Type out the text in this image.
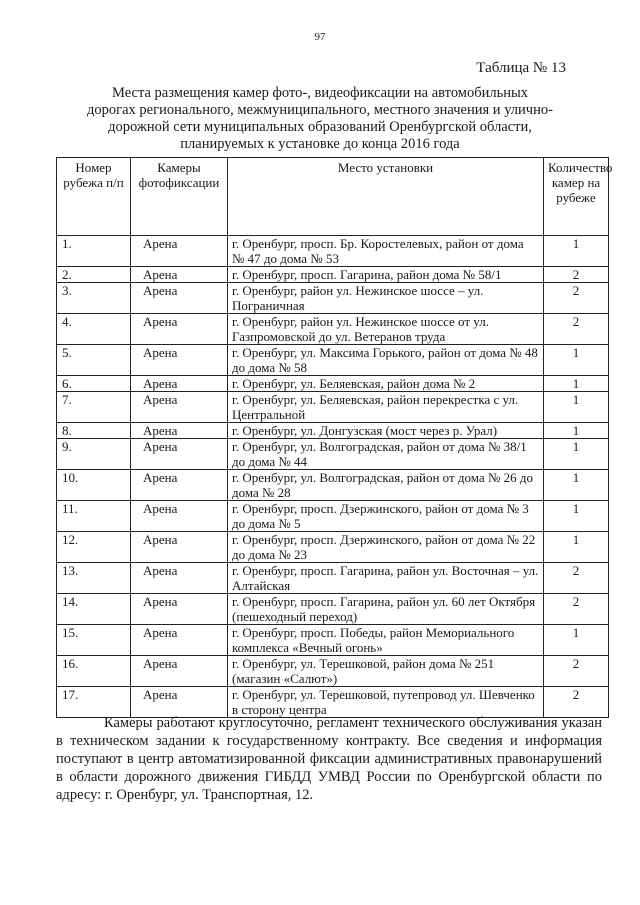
97
Таблица № 13
Места размещения камер фото-, видеофиксации на автомобильных
дорогах регионального, межмуниципального, местного значения и улично-
дорожной сети муниципальных образований Оренбургской области,
планируемых к установке до конца 2016 года
Номер рубежа п/п	Камеры фотофиксации	Место установки	Количество камер на рубеже
1.	Арена	г. Оренбург, просп. Бр. Коростелевых, район от дома № 47 до дома № 53	1
2.	Арена	г. Оренбург, просп. Гагарина, район дома № 58/1	2
3.	Арена	г. Оренбург, район ул. Нежинское шоссе – ул. Пограничная	2
4.	Арена	г. Оренбург, район ул. Нежинское шоссе от ул. Газпромовской до ул. Ветеранов труда	2
5.	Арена	г. Оренбург, ул. Максима Горького, район от дома № 48 до дома № 58	1
6.	Арена	г. Оренбург, ул. Беляевская, район дома № 2	1
7.	Арена	г. Оренбург, ул. Беляевская, район перекрестка с ул. Центральной	1
8.	Арена	г. Оренбург, ул. Донгузская (мост через р. Урал)	1
9.	Арена	г. Оренбург, ул. Волгоградская, район от дома № 38/1 до дома № 44	1
10.	Арена	г. Оренбург, ул. Волгоградская, район от дома № 26 до дома № 28	1
11.	Арена	г. Оренбург, просп. Дзержинского, район от дома № 3 до дома № 5	1
12.	Арена	г. Оренбург, просп. Дзержинского, район от дома № 22 до дома № 23	1
13.	Арена	г. Оренбург, просп. Гагарина, район ул. Восточная – ул. Алтайская	2
14.	Арена	г. Оренбург, просп. Гагарина, район ул. 60 лет Октября (пешеходный переход)	2
15.	Арена	г. Оренбург, просп. Победы, район Мемориального комплекса «Вечный огонь»	1
16.	Арена	г. Оренбург, ул. Терешковой, район дома № 251 (магазин «Салют»)	2
17.	Арена	г. Оренбург, ул. Терешковой, путепровод ул. Шевченко в сторону центра	2
Камеры работают круглосуточно, регламент технического обслуживания указан в техническом задании к государственному контракту. Все сведения и информация поступают в центр автоматизированной фиксации административных правонарушений в области дорожного движения ГИБДД УМВД России по Оренбургской области по адресу: г. Оренбург, ул. Транспортная, 12.
